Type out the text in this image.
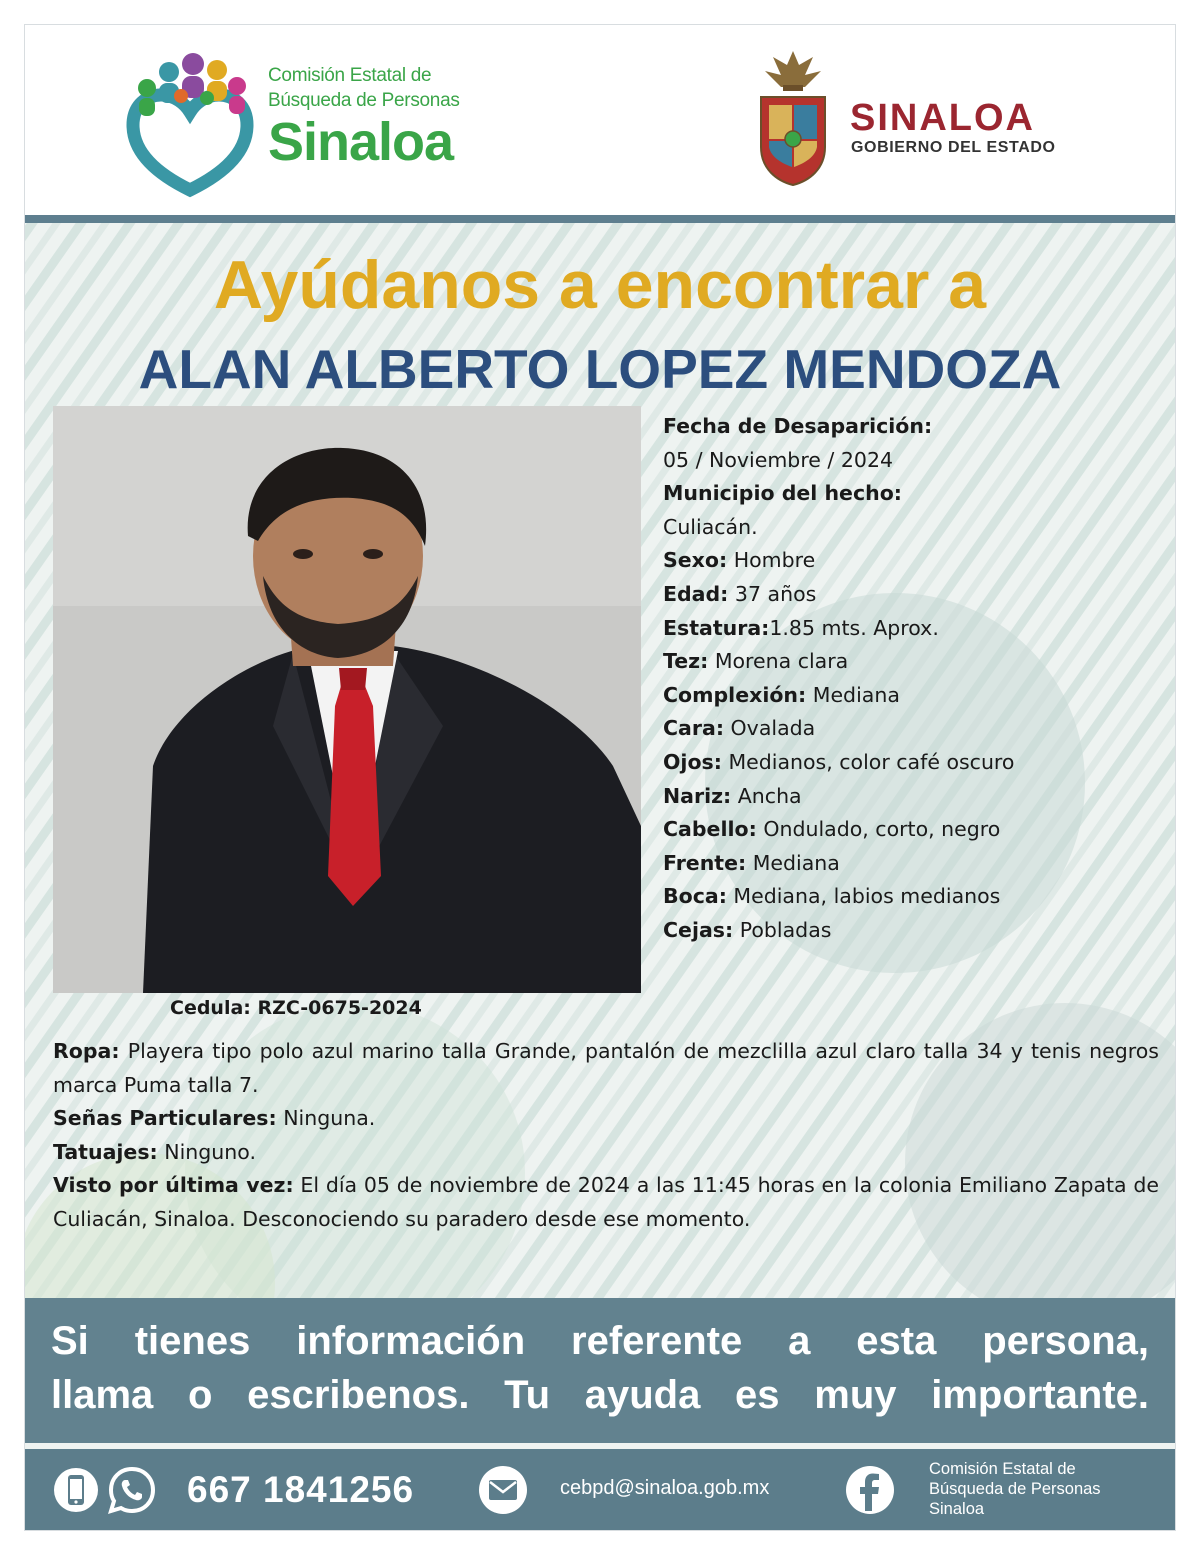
Comisión Estatal de
Búsqueda de Personas
Sinaloa	SINALOA
GOBIERNO DEL ESTADO
Ayúdanos a encontrar a
ALAN ALBERTO LOPEZ MENDOZA
Cedula: RZC-0675-2024
Fecha de Desaparición:
05 / Noviembre / 2024
Municipio del hecho:
Culiacán.
Sexo: Hombre
Edad: 37 años
Estatura:1.85 mts. Aprox.
Tez: Morena clara
Complexión: Mediana
Cara: Ovalada
Ojos: Medianos, color café oscuro
Nariz: Ancha
Cabello: Ondulado, corto, negro
Frente: Mediana
Boca: Mediana, labios medianos
Cejas: Pobladas

Ropa: Playera tipo polo azul marino talla Grande, pantalón de mezclilla azul claro talla 34 y tenis negros marca Puma talla 7.

Señas Particulares: Ninguna.

Tatuajes: Ninguno.

Visto por última vez: El día 05 de noviembre de 2024 a las 11:45 horas en la colonia Emiliano Zapata de Culiacán, Sinaloa. Desconociendo su paradero desde ese momento.

Si tienes información referente a esta persona,
llama o escribenos. Tu ayuda es muy importante.
667 1841256	cebpd@sinaloa.gob.mx
Comisión Estatal de
Búsqueda de Personas
Sinaloa
